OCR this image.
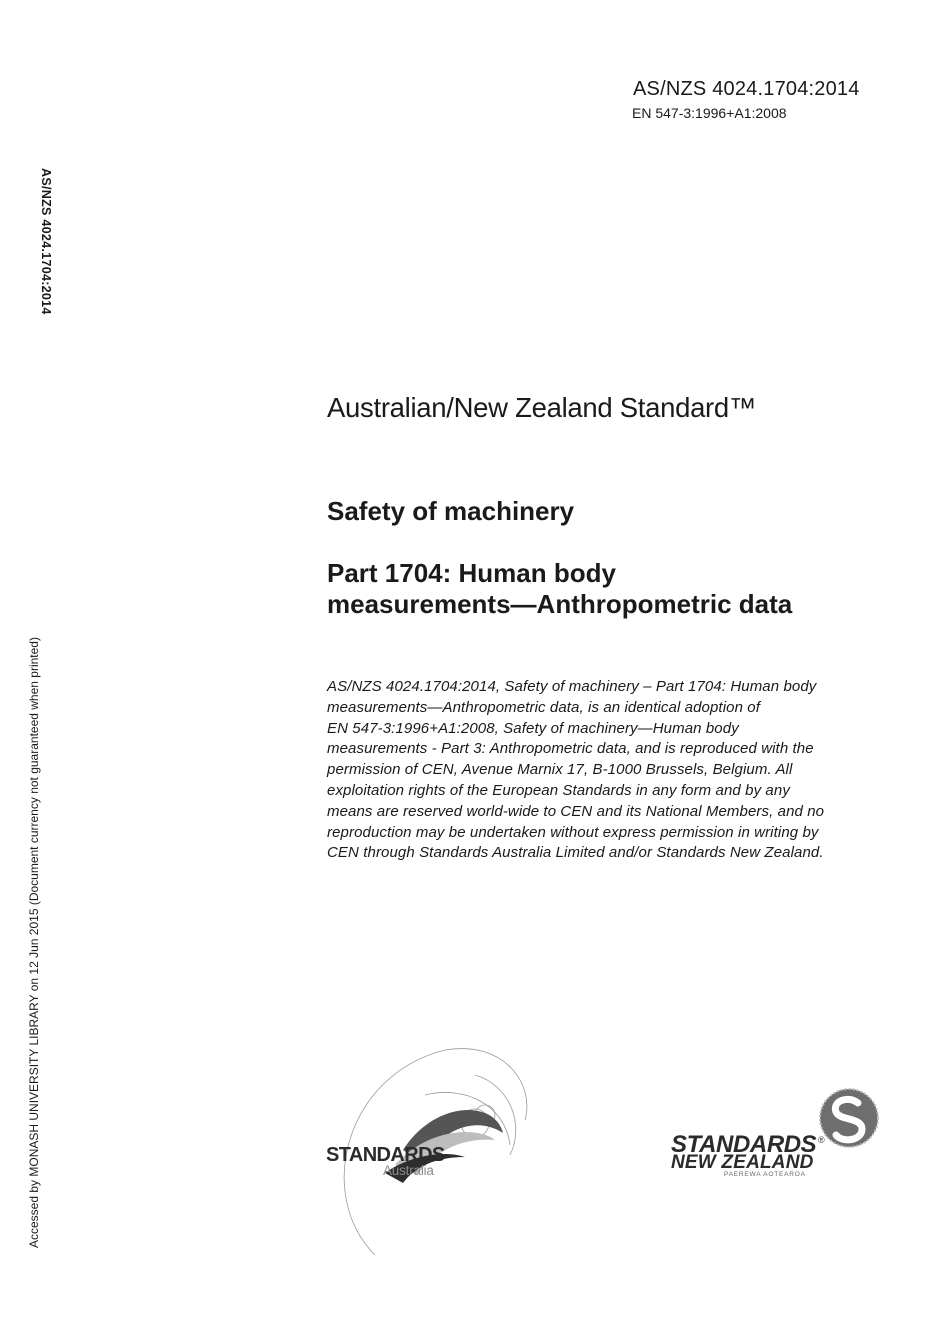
AS/NZS 4024.1704:2014
EN 547-3:1996+A1:2008
AS/NZS 4024.1704:2014
Accessed by MONASH UNIVERSITY LIBRARY on 12 Jun 2015 (Document currency not guaranteed when printed)
Australian/New Zealand Standard™
Safety of machinery
Part 1704: Human body
measurements—Anthropometric data
AS/NZS 4024.1704:2014, Safety of machinery – Part 1704: Human body
measurements—Anthropometric data, is an identical adoption of
EN 547-3:1996+A1:2008, Safety of machinery—Human body
measurements - Part 3: Anthropometric data, and is reproduced with the
permission of CEN, Avenue Marnix 17, B-1000 Brussels, Belgium. All
exploitation rights of the European Standards in any form and by any
means are reserved world-wide to CEN and its National Members, and no
reproduction may be undertaken without express permission in writing by
CEN through Standards Australia Limited and/or Standards New Zealand.
STANDARDS
Australia
STANDARDS ®
NEW ZEALAND
PAEREWA AOTEAROA
